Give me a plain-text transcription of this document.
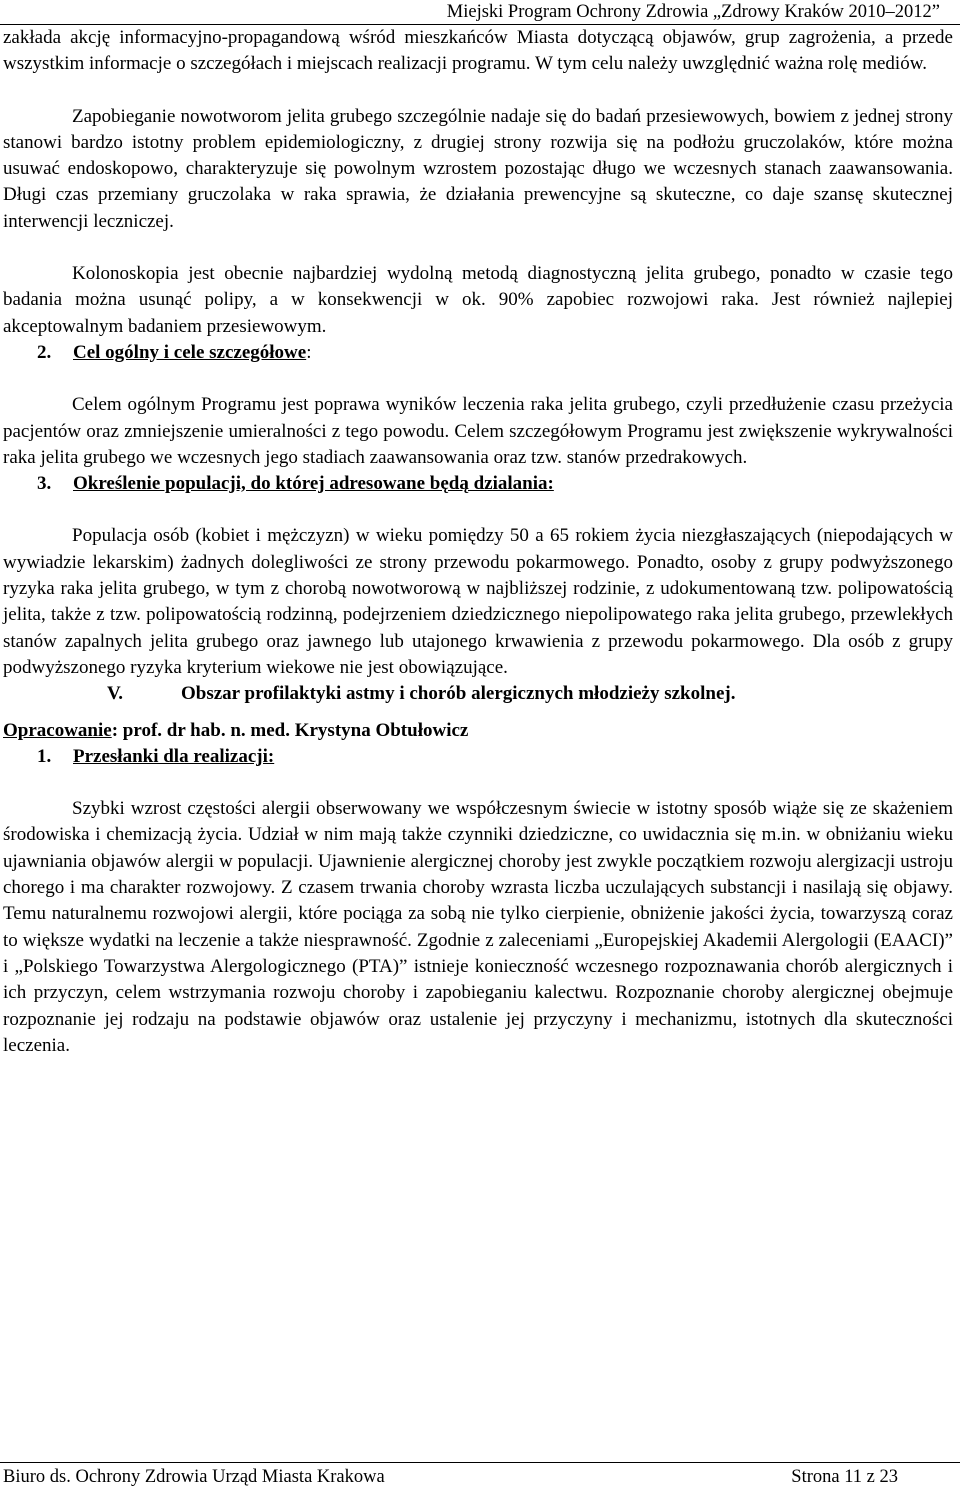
Miejski Program Ochrony Zdrowia „Zdrowy Kraków 2010–2012”

zakłada akcję informacyjno-propagandową wśród mieszkańców Miasta dotyczącą objawów, grup zagrożenia, a przede wszystkim informacje o szczegółach i miejscach realizacji programu. W tym celu należy uwzględnić ważna rolę mediów.

Zapobieganie nowotworom jelita grubego szczególnie nadaje się do badań przesiewowych, bowiem z jednej strony stanowi bardzo istotny problem epidemiologiczny, z drugiej strony rozwija się na podłożu gruczolaków, które można usuwać endoskopowo, charakteryzuje się powolnym wzrostem pozostając długo we wczesnych stanach zaawansowania. Długi czas przemiany gruczolaka w raka sprawia, że działania prewencyjne są skuteczne, co daje szansę skutecznej interwencji leczniczej.

Kolonoskopia jest obecnie najbardziej wydolną metodą diagnostyczną jelita grubego, ponadto w czasie tego badania można usunąć polipy, a w konsekwencji w ok. 90% zapobiec rozwojowi raka. Jest również najlepiej akceptowalnym badaniem przesiewowym.

2. Cel ogólny i cele szczegółowe:

Celem ogólnym Programu jest poprawa wyników leczenia raka jelita grubego, czyli przedłużenie czasu przeżycia pacjentów oraz zmniejszenie umieralności z tego powodu. Celem szczegółowym Programu jest zwiększenie wykrywalności raka jelita grubego we wczesnych jego stadiach zaawansowania oraz tzw. stanów przedrakowych.

3. Określenie populacji, do której adresowane będą dzialania:

Populacja osób (kobiet i mężczyzn) w wieku pomiędzy 50 a 65 rokiem życia niezgłaszających (niepodających w wywiadzie lekarskim) żadnych dolegliwości ze strony przewodu pokarmowego. Ponadto, osoby z grupy podwyższonego ryzyka raka jelita grubego, w tym z chorobą nowotworową w najbliższej rodzinie, z udokumentowaną tzw. polipowatością jelita, także z tzw. polipowatością rodzinną, podejrzeniem dziedzicznego niepolipowatego raka jelita grubego, przewlekłych stanów zapalnych jelita grubego oraz jawnego lub utajonego krwawienia z przewodu pokarmowego. Dla osób z grupy podwyższonego ryzyka kryterium wiekowe nie jest obowiązujące.

V.	Obszar profilaktyki astmy i chorób alergicznych młodzieży szkolnej.

Opracowanie: prof. dr hab. n. med. Krystyna Obtułowicz

1. Przesłanki dla realizacji:

Szybki wzrost częstości alergii obserwowany we współczesnym świecie w istotny sposób wiąże się ze skażeniem środowiska i chemizacją życia. Udział w nim mają także czynniki dziedziczne, co uwidacznia się m.in. w obniżaniu wieku ujawniania objawów alergii w populacji. Ujawnienie alergicznej choroby jest zwykle początkiem rozwoju alergizacji ustroju chorego i ma charakter rozwojowy. Z czasem trwania choroby wzrasta liczba uczulających substancji i nasilają się objawy. Temu naturalnemu rozwojowi alergii, które pociąga za sobą nie tylko cierpienie, obniżenie jakości życia, towarzyszą coraz to większe wydatki na leczenie a także niesprawność. Zgodnie z zaleceniami „Europejskiej Akademii Alergologii (EAACI)” i „Polskiego Towarzystwa Alergologicznego (PTA)” istnieje konieczność wczesnego rozpoznawania chorób alergicznych i ich przyczyn, celem wstrzymania rozwoju choroby i zapobieganiu kalectwu. Rozpoznanie choroby alergicznej obejmuje rozpoznanie jej rodzaju na podstawie objawów oraz ustalenie jej przyczyny i mechanizmu, istotnych dla skuteczności leczenia.

Biuro ds. Ochrony Zdrowia Urząd Miasta Krakowa	Strona 11 z 23
